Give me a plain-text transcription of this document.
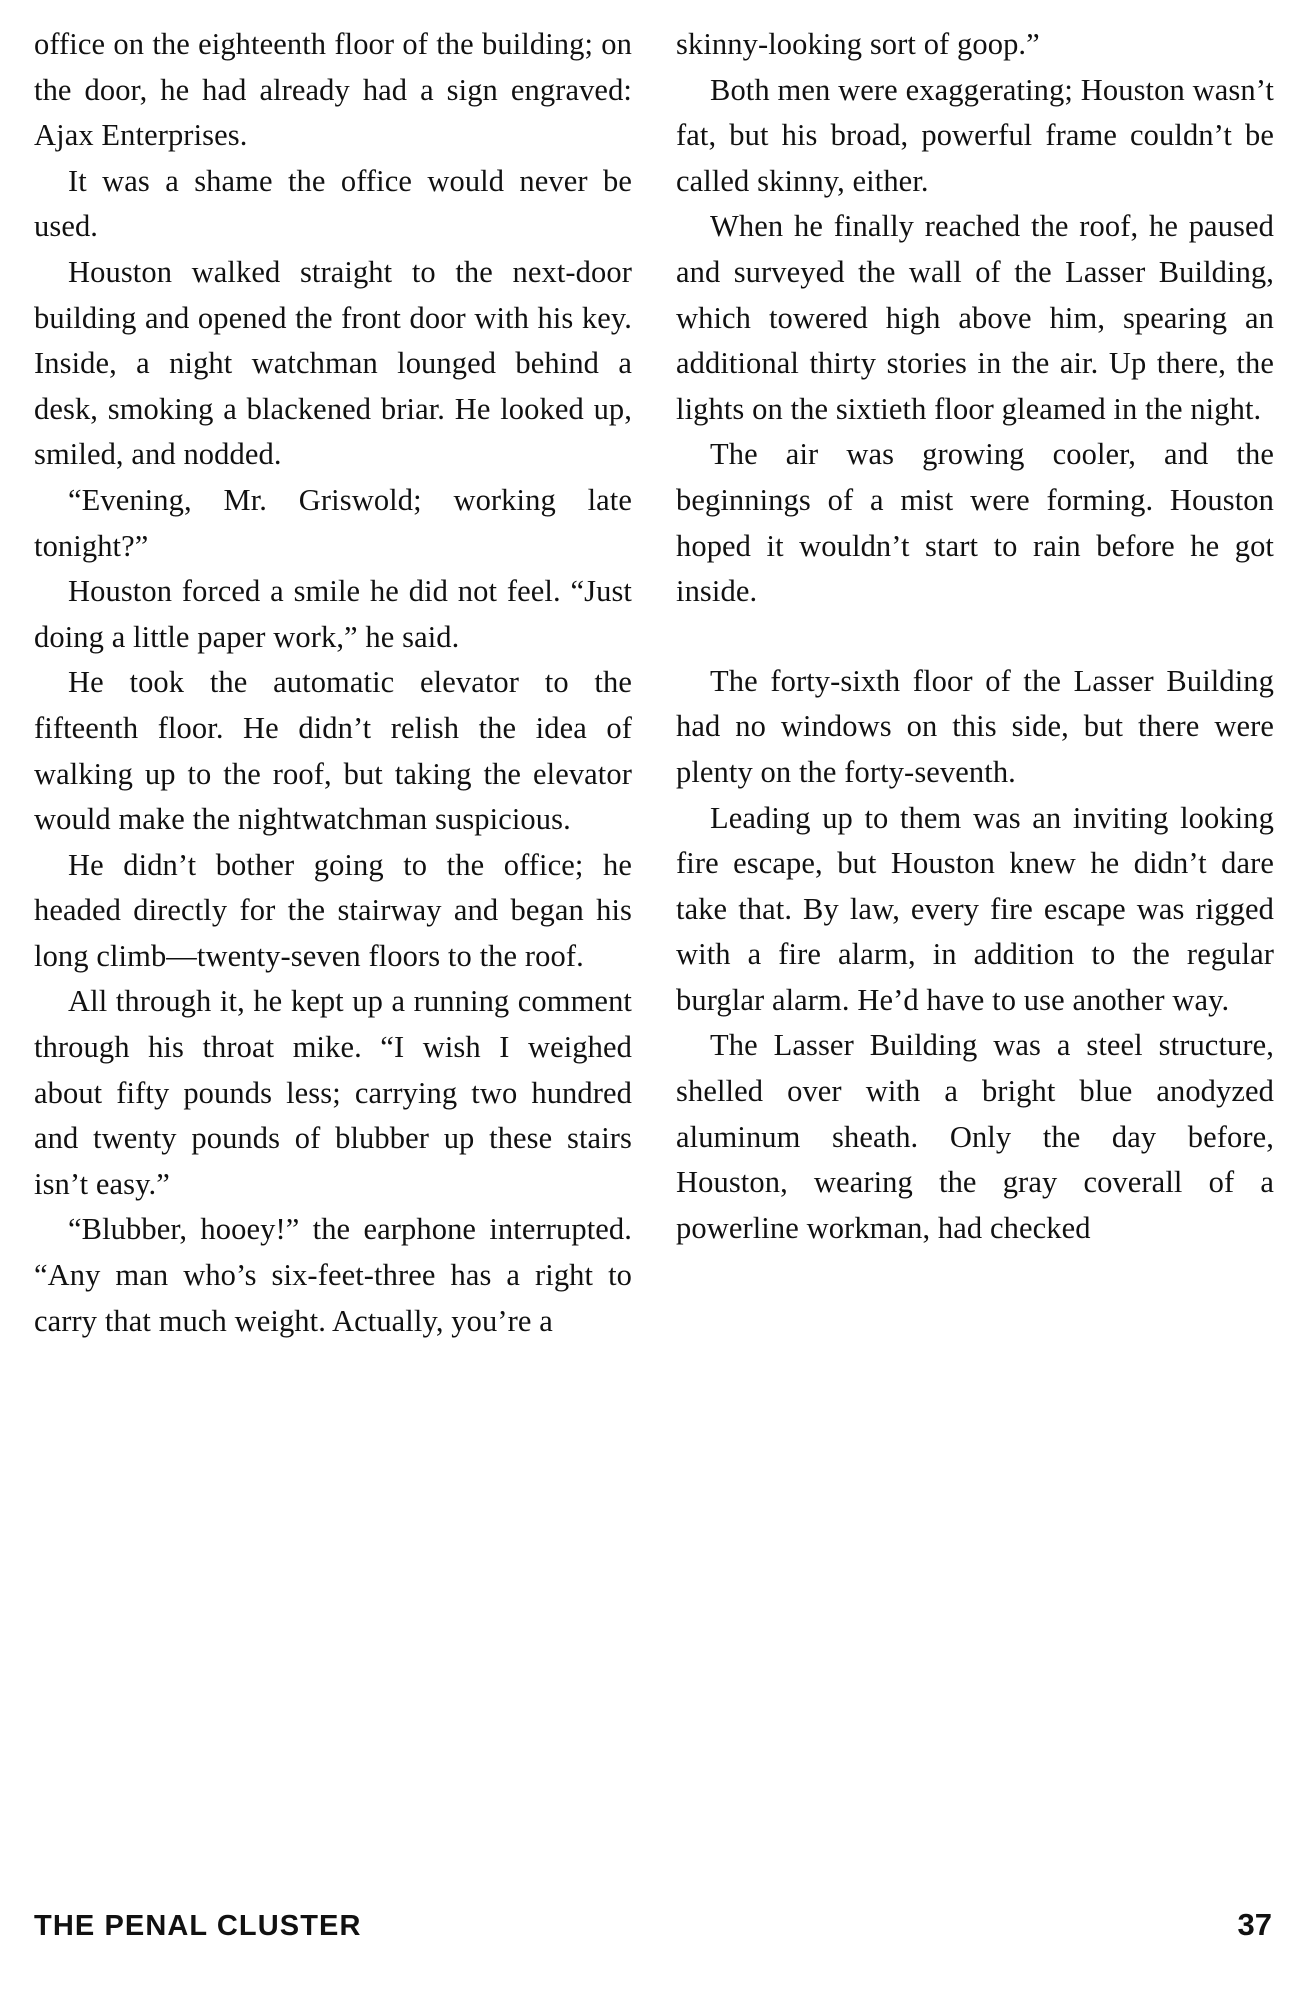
office on the eighteenth floor of the building; on the door, he had already had a sign engraved: Ajax Enterprises.

It was a shame the office would never be used.

Houston walked straight to the next-door building and opened the front door with his key. Inside, a night watchman lounged behind a desk, smoking a blackened briar. He looked up, smiled, and nodded.

“Evening, Mr. Griswold; working late tonight?”

Houston forced a smile he did not feel. “Just doing a little paper work,” he said.

He took the automatic elevator to the fifteenth floor. He didn’t relish the idea of walking up to the roof, but taking the elevator would make the nightwatchman suspicious.

He didn’t bother going to the office; he headed directly for the stairway and began his long climb—twenty-seven floors to the roof.

All through it, he kept up a running comment through his throat mike. “I wish I weighed about fifty pounds less; carrying two hundred and twenty pounds of blubber up these stairs isn’t easy.”

“Blubber, hooey!” the earphone interrupted. “Any man who’s six-feet-three has a right to carry that much weight. Actually, you’re a

skinny-looking sort of goop.”

Both men were exaggerating; Houston wasn’t fat, but his broad, powerful frame couldn’t be called skinny, either.

When he finally reached the roof, he paused and surveyed the wall of the Lasser Building, which towered high above him, spearing an additional thirty stories in the air. Up there, the lights on the sixtieth floor gleamed in the night.

The air was growing cooler, and the beginnings of a mist were forming. Houston hoped it wouldn’t start to rain before he got inside.

The forty-sixth floor of the Lasser Building had no windows on this side, but there were plenty on the forty-seventh.

Leading up to them was an inviting looking fire escape, but Houston knew he didn’t dare take that. By law, every fire escape was rigged with a fire alarm, in addition to the regular burglar alarm. He’d have to use another way.

The Lasser Building was a steel structure, shelled over with a bright blue anodyzed aluminum sheath. Only the day before, Houston, wearing the gray coverall of a powerline workman, had checked

THE PENAL CLUSTER	37
